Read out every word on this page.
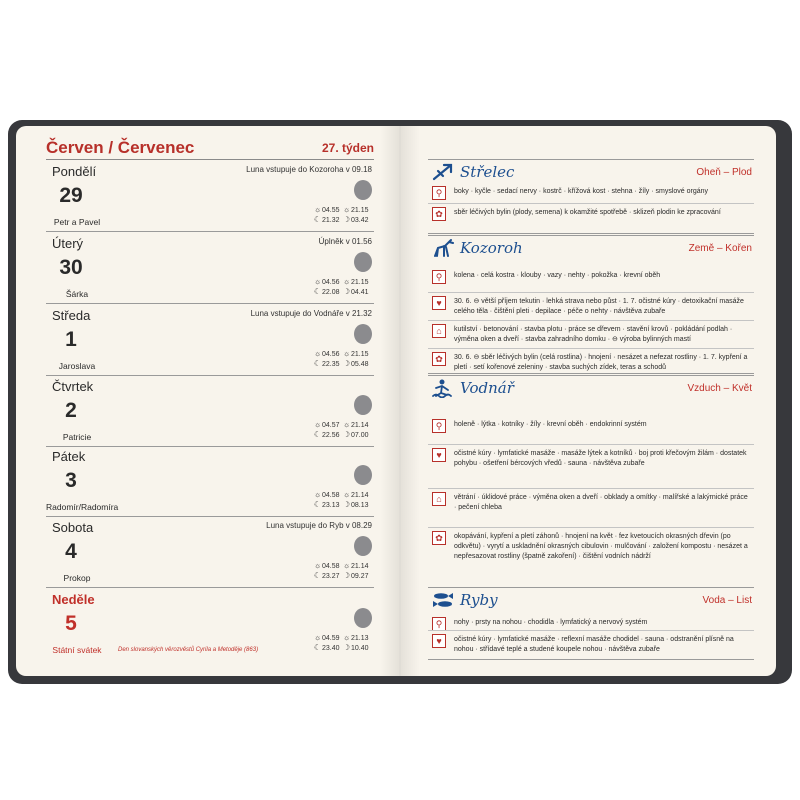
Červen / Červenec	27. týden
Pondělí
29
Petr a Pavel
Luna vstupuje do Kozoroha v 09.18
☼04.55 ☼21.15
☾21.32 ☽03.42
Úterý
30
Šárka
Úplněk v 01.56
☼04.56 ☼21.15
☾22.08 ☽04.41
Středa
1
Jaroslava
Luna vstupuje do Vodnáře v 21.32
☼04.56 ☼21.15
☾22.35 ☽05.48
Čtvrtek
2
Patricie
☼04.57 ☼21.14
☾22.56 ☽07.00
Pátek
3
Radomír/Radomíra
☼04.58 ☼21.14
☾23.13 ☽08.13
Sobota
4
Prokop
Luna vstupuje do Ryb v 08.29
☼04.58 ☼21.14
☾23.27 ☽09.27
Neděle
5
Státní svátek	Den slovanských věrozvěstů Cyrila a Metoděje (863)
☼04.59 ☼21.13
☾23.40 ☽10.40
Střelec	Oheň – Plod
⚲	boky · kyčle · sedací nervy · kostrč · křížová kost · stehna · žíly · smyslové orgány
✿	sběr léčivých bylin (plody, semena) k okamžité spotřebě · sklizeň plodin ke zpracování
Kozoroh	Země – Kořen
⚲	kolena · celá kostra · klouby · vazy · nehty · pokožka · krevní oběh
♥	30. 6. ⊖ větší příjem tekutin · lehká strava nebo půst · 1. 7. očistné kúry · detoxikační masáže celého těla · čištění pleti · depilace · péče o nehty · návštěva zubaře
⌂	kutilství · betonování · stavba plotu · práce se dřevem · stavění krovů · pokládání podlah · výměna oken a dveří · stavba zahradního domku · ⊖ výroba bylinných mastí
✿	30. 6. ⊖ sběr léčivých bylin (celá rostlina) · hnojení · nesázet a nefezat rostliny · 1. 7. kypření a pletí · setí kořenové zeleniny · stavba suchých zídek, teras a schodů
Vodnář	Vzduch – Květ
⚲	holeně · lýtka · kotníky · žíly · krevní oběh · endokrinní systém
♥	očistné kúry · lymfatické masáže · masáže lýtek a kotníků · boj proti křečovým žilám · dostatek pohybu · ošetření bércových vředů · sauna · návštěva zubaře
⌂	větrání · úklidové práce · výměna oken a dveří · obklady a omítky · malířské a lakýrnické práce · pečení chleba
✿	okopávání, kypření a pletí záhonů · hnojení na květ · fez kvetoucích okrasných dřevin (po odkvětu) · vyrytí a uskladnění okrasných cibulovin · mulčování · založení kompostu · nesázet a nepřesazovat rostliny (špatně zakoření) · čištění vodních nádrží
Ryby	Voda – List
⚲	nohy · prsty na nohou · chodidla · lymfatický a nervový systém
♥	očistné kúry · lymfatické masáže · reflexní masáže chodidel · sauna · odstranění plísně na nohou · střídavé teplé a studené koupele nohou · návštěva zubaře
